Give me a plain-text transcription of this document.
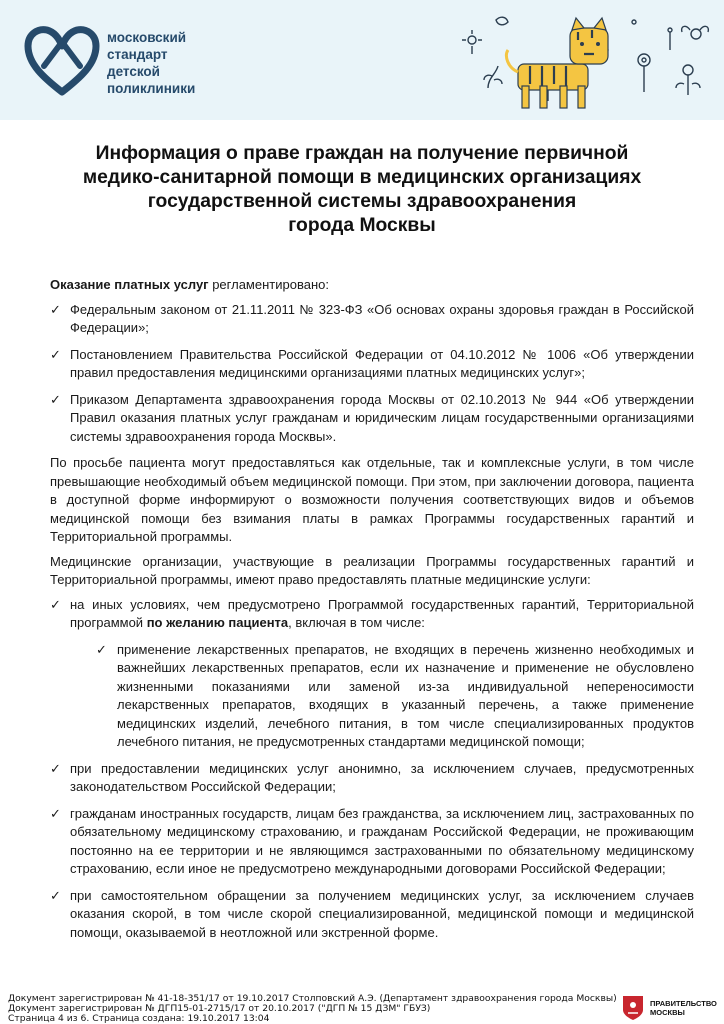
московский
стандарт
детской
поликлиники
Информация о праве граждан на получение первичной
медико-санитарной помощи в медицинских организациях
государственной системы здравоохранения
города Москвы

Оказание платных услуг регламентировано:

✓ Федеральным законом от 21.11.2011 № 323-ФЗ «Об основах охраны здоровья граждан в Российской Федерации»;
✓ Постановлением Правительства Российской Федерации от 04.10.2012 № 1006 «Об утверждении правил предоставления медицинскими организациями платных медицинских услуг»;
✓ Приказом Департамента здравоохранения города Москвы от 02.10.2013 № 944 «Об утверждении Правил оказания платных услуг гражданам и юридическим лицам государственными организациями системы здравоохранения города Москвы».

По просьбе пациента могут предоставляться как отдельные, так и комплексные услуги, в том числе превышающие необходимый объем медицинской помощи. При этом, при заключении договора, пациента в доступной форме информируют о возможности получения соответствующих видов и объемов медицинской помощи без взимания платы в рамках Программы государственных гарантий и Территориальной программы.

Медицинские организации, участвующие в реализации Программы государственных гарантий и Территориальной программы, имеют право предоставлять платные медицинские услуги:

✓ на иных условиях, чем предусмотрено Программой государственных гарантий, Территориальной программой по желанию пациента, включая в том числе:
✓ применение лекарственных препаратов, не входящих в перечень жизненно необходимых и важнейших лекарственных препаратов, если их назначение и применение не обусловлено жизненными показаниями или заменой из-за индивидуальной непереносимости лекарственных препаратов, входящих в указанный перечень, а также применение медицинских изделий, лечебного питания, в том числе специализированных продуктов лечебного питания, не предусмотренных стандартами медицинской помощи;
✓ при предоставлении медицинских услуг анонимно, за исключением случаев, предусмотренных законодательством Российской Федерации;
✓ гражданам иностранных государств, лицам без гражданства, за исключением лиц, застрахованных по обязательному медицинскому страхованию, и гражданам Российской Федерации, не проживающим постоянно на ее территории и не являющимся застрахованными по обязательному медицинскому страхованию, если иное не предусмотрено международными договорами Российской Федерации;
✓ при самостоятельном обращении за получением медицинских услуг, за исключением случаев оказания скорой, в том числе скорой специализированной, медицинской помощи и медицинской помощи, оказываемой в неотложной или экстренной форме.
Документ зарегистрирован № 41-18-351/17 от 19.10.2017 Столповский А.Э. (Департамент здравоохранения города Москвы)
Документ зарегистрирован № ДГП15-01-2715/17 от 20.10.2017 ("ДГП № 15 ДЗМ" ГБУЗ)
Страница 4 из 6. Страница создана: 19.10.2017 13:04
ПРАВИТЕЛЬСТВО
МОСКВЫ
